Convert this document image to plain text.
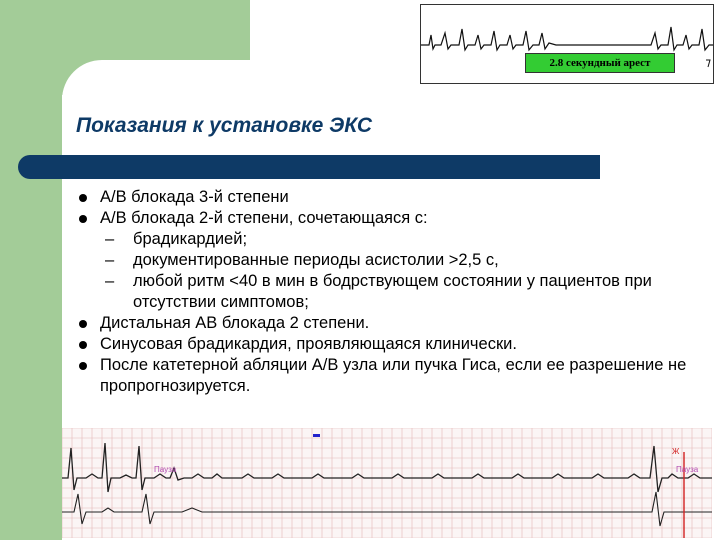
2.8 секундный арест
Показания к установке ЭКС

А/В блокада 3-й степени

А/В блокада 2-й степени, сочетающаяся с:

– брадикардией;

– документированные периоды асистолии >2,5 с,

– любой ритм <40 в мин в бодрствующем состоянии у пациентов при отсутствии симптомов;

Дистальная АВ блокада 2 степени.

Синусовая брадикардия, проявляющаяся клинически.

После катетерной абляции А/В узла или пучка Гиса, если ее разрешение не пропрогнозируется.

Пауза	Пауза
Ж
